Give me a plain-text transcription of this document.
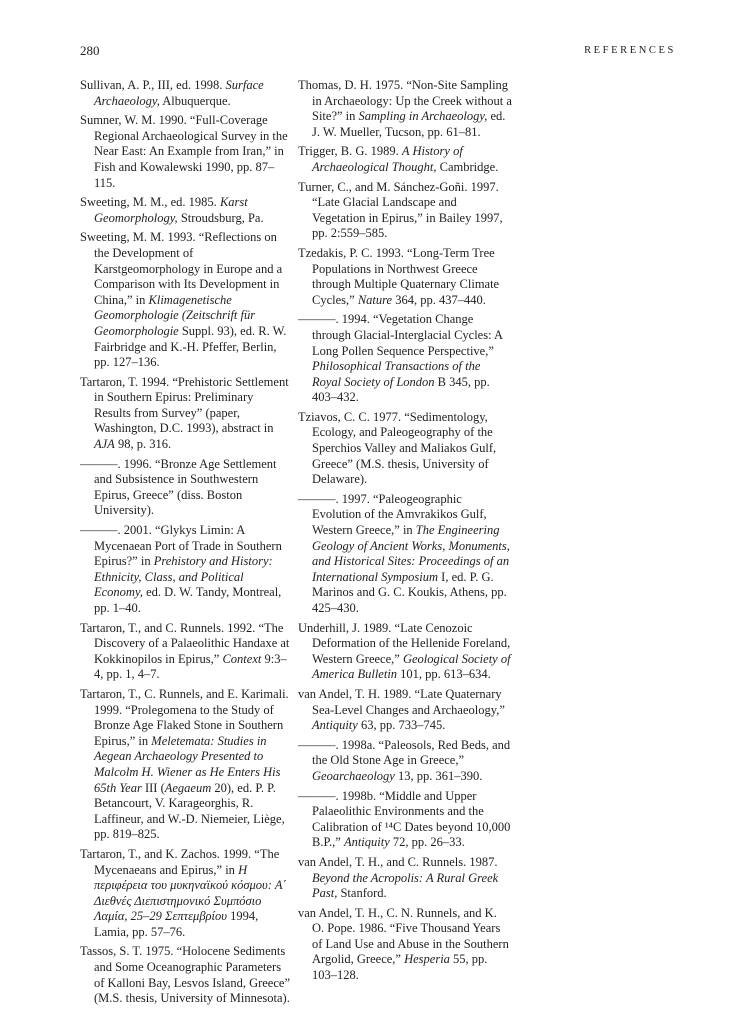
280	REFERENCES

Sullivan, A. P., III, ed. 1998. Surface Archaeology, Albuquerque.

Sumner, W. M. 1990. “Full-Coverage Regional Archaeological Survey in the Near East: An Example from Iran,” in Fish and Kowalewski 1990, pp. 87–115.

Sweeting, M. M., ed. 1985. Karst Geomorphology, Stroudsburg, Pa.

Sweeting, M. M. 1993. “Reflections on the Development of Karstgeomorphology in Europe and a Comparison with Its Development in China,” in Klimagenetische Geomorphologie (Zeitschrift für Geomorphologie Suppl. 93), ed. R. W. Fairbridge and K.-H. Pfeffer, Berlin, pp. 127–136.

Tartaron, T. 1994. “Prehistoric Settlement in Southern Epirus: Preliminary Results from Survey” (paper, Washington, D.C. 1993), abstract in AJA 98, p. 316.

———. 1996. “Bronze Age Settlement and Subsistence in Southwestern Epirus, Greece” (diss. Boston University).

———. 2001. “Glykys Limin: A Mycenaean Port of Trade in Southern Epirus?” in Prehistory and History: Ethnicity, Class, and Political Economy, ed. D. W. Tandy, Montreal, pp. 1–40.

Tartaron, T., and C. Runnels. 1992. “The Discovery of a Palaeolithic Handaxe at Kokkinopilos in Epirus,” Context 9:3–4, pp. 1, 4–7.

Tartaron, T., C. Runnels, and E. Karimali. 1999. “Prolegomena to the Study of Bronze Age Flaked Stone in Southern Epirus,” in Meletemata: Studies in Aegean Archaeology Presented to Malcolm H. Wiener as He Enters His 65th Year III (Aegaeum 20), ed. P. P. Betancourt, V. Karageorghis, R. Laffineur, and W.-D. Niemeier, Liège, pp. 819–825.

Tartaron, T., and K. Zachos. 1999. “The Mycenaeans and Epirus,” in Η περιφέρεια του μυκηναϊκού κόσμου: Α΄ Διεθνές Διεπιστημονικό Συμπόσιο Λαμία, 25–29 Σεπτεμβρίου 1994, Lamia, pp. 57–76.

Tassos, S. T. 1975. “Holocene Sediments and Some Oceanographic Parameters of Kalloni Bay, Lesvos Island, Greece” (M.S. thesis, University of Minnesota).

Thomas, D. H. 1975. “Non-Site Sampling in Archaeology: Up the Creek without a Site?” in Sampling in Archaeology, ed. J. W. Mueller, Tucson, pp. 61–81.

Trigger, B. G. 1989. A History of Archaeological Thought, Cambridge.

Turner, C., and M. Sánchez-Goñi. 1997. “Late Glacial Landscape and Vegetation in Epirus,” in Bailey 1997, pp. 2:559–585.

Tzedakis, P. C. 1993. “Long-Term Tree Populations in Northwest Greece through Multiple Quaternary Climate Cycles,” Nature 364, pp. 437–440.

———. 1994. “Vegetation Change through Glacial-Interglacial Cycles: A Long Pollen Sequence Perspective,” Philosophical Transactions of the Royal Society of London B 345, pp. 403–432.

Tziavos, C. C. 1977. “Sedimentology, Ecology, and Paleogeography of the Sperchios Valley and Maliakos Gulf, Greece” (M.S. thesis, University of Delaware).

———. 1997. “Paleogeographic Evolution of the Amvrakikos Gulf, Western Greece,” in The Engineering Geology of Ancient Works, Monuments, and Historical Sites: Proceedings of an International Symposium I, ed. P. G. Marinos and G. C. Koukis, Athens, pp. 425–430.

Underhill, J. 1989. “Late Cenozoic Deformation of the Hellenide Foreland, Western Greece,” Geological Society of America Bulletin 101, pp. 613–634.

van Andel, T. H. 1989. “Late Quaternary Sea-Level Changes and Archaeology,” Antiquity 63, pp. 733–745.

———. 1998a. “Paleosols, Red Beds, and the Old Stone Age in Greece,” Geoarchaeology 13, pp. 361–390.

———. 1998b. “Middle and Upper Palaeolithic Environments and the Calibration of ¹⁴C Dates beyond 10,000 B.P.,” Antiquity 72, pp. 26–33.

van Andel, T. H., and C. Runnels. 1987. Beyond the Acropolis: A Rural Greek Past, Stanford.

van Andel, T. H., C. N. Runnels, and K. O. Pope. 1986. “Five Thousand Years of Land Use and Abuse in the Southern Argolid, Greece,” Hesperia 55, pp. 103–128.
